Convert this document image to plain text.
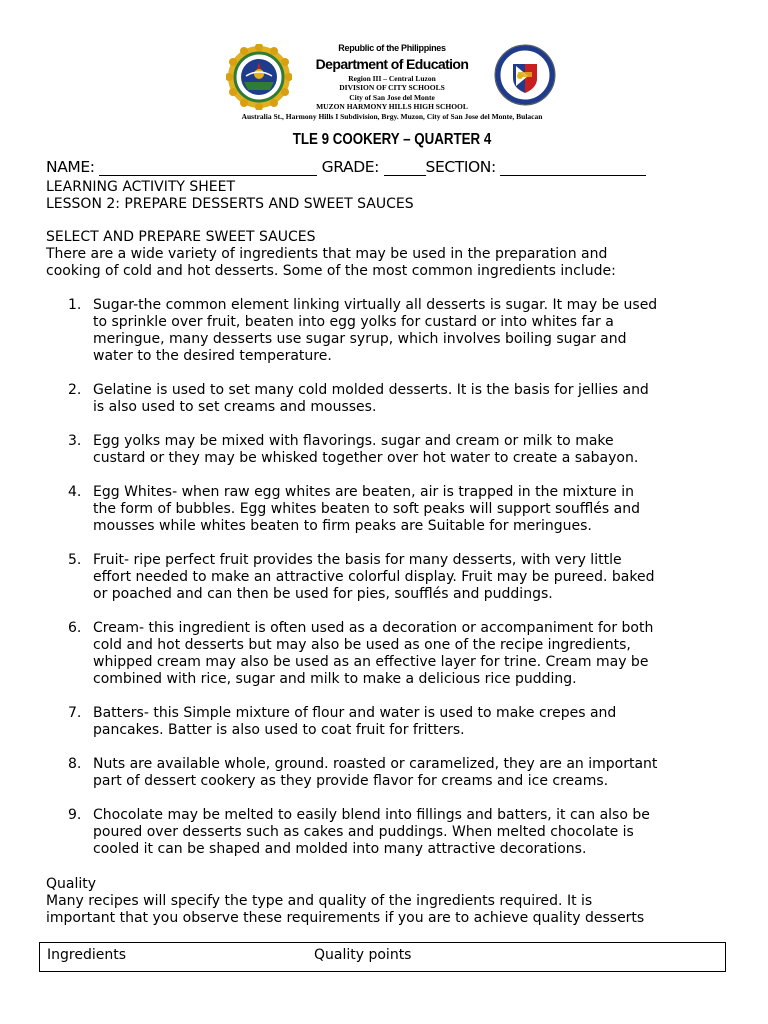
Republic of the Philippines
Department of Education
Region III – Central Luzon
DIVISION OF CITY SCHOOLS
City of San Jose del Monte
MUZON HARMONY HILLS HIGH SCHOOL
Australia St., Harmony Hills I Subdivision, Brgy. Muzon, City of San Jose del Monte, Bulacan
TLE 9 COOKERY – QUARTER 4
NAME:	GRADE:	SECTION:
LEARNING ACTIVITY SHEET
LESSON 2: PREPARE DESSERTS AND SWEET SAUCES
SELECT AND PREPARE SWEET SAUCES

There are a wide variety of ingredients that may be used in the preparation and

cooking of cold and hot desserts. Some of the most common ingredients include:

1. Sugar-the common element linking virtually all desserts is sugar. It may be used
to sprinkle over fruit, beaten into egg yolks for custard or into whites far a
meringue, many desserts use sugar syrup, which involves boiling sugar and
water to the desired temperature.
2. Gelatine is used to set many cold molded desserts. It is the basis for jellies and
is also used to set creams and mousses.
3. Egg yolks may be mixed with flavorings. sugar and cream or milk to make
custard or they may be whisked together over hot water to create a sabayon.
4. Egg Whites- when raw egg whites are beaten, air is trapped in the mixture in
the form of bubbles. Egg whites beaten to soft peaks will support soufflés and
mousses while whites beaten to firm peaks are Suitable for meringues.
5. Fruit- ripe perfect fruit provides the basis for many desserts, with very little
effort needed to make an attractive colorful display. Fruit may be pureed. baked
or poached and can then be used for pies, soufflés and puddings.
6. Cream- this ingredient is often used as a decoration or accompaniment for both
cold and hot desserts but may also be used as one of the recipe ingredients,
whipped cream may also be used as an effective layer for trine. Cream may be
combined with rice, sugar and milk to make a delicious rice pudding.
7. Batters- this Simple mixture of flour and water is used to make crepes and
pancakes. Batter is also used to coat fruit for fritters.
8. Nuts are available whole, ground. roasted or caramelized, they are an important
part of dessert cookery as they provide flavor for creams and ice creams.
9. Chocolate may be melted to easily blend into fillings and batters, it can also be
poured over desserts such as cakes and puddings. When melted chocolate is
cooled it can be shaped and molded into many attractive decorations.

Quality

Many recipes will specify the type and quality of the ingredients required. It is

important that you observe these requirements if you are to achieve quality desserts

Ingredients	Quality points
